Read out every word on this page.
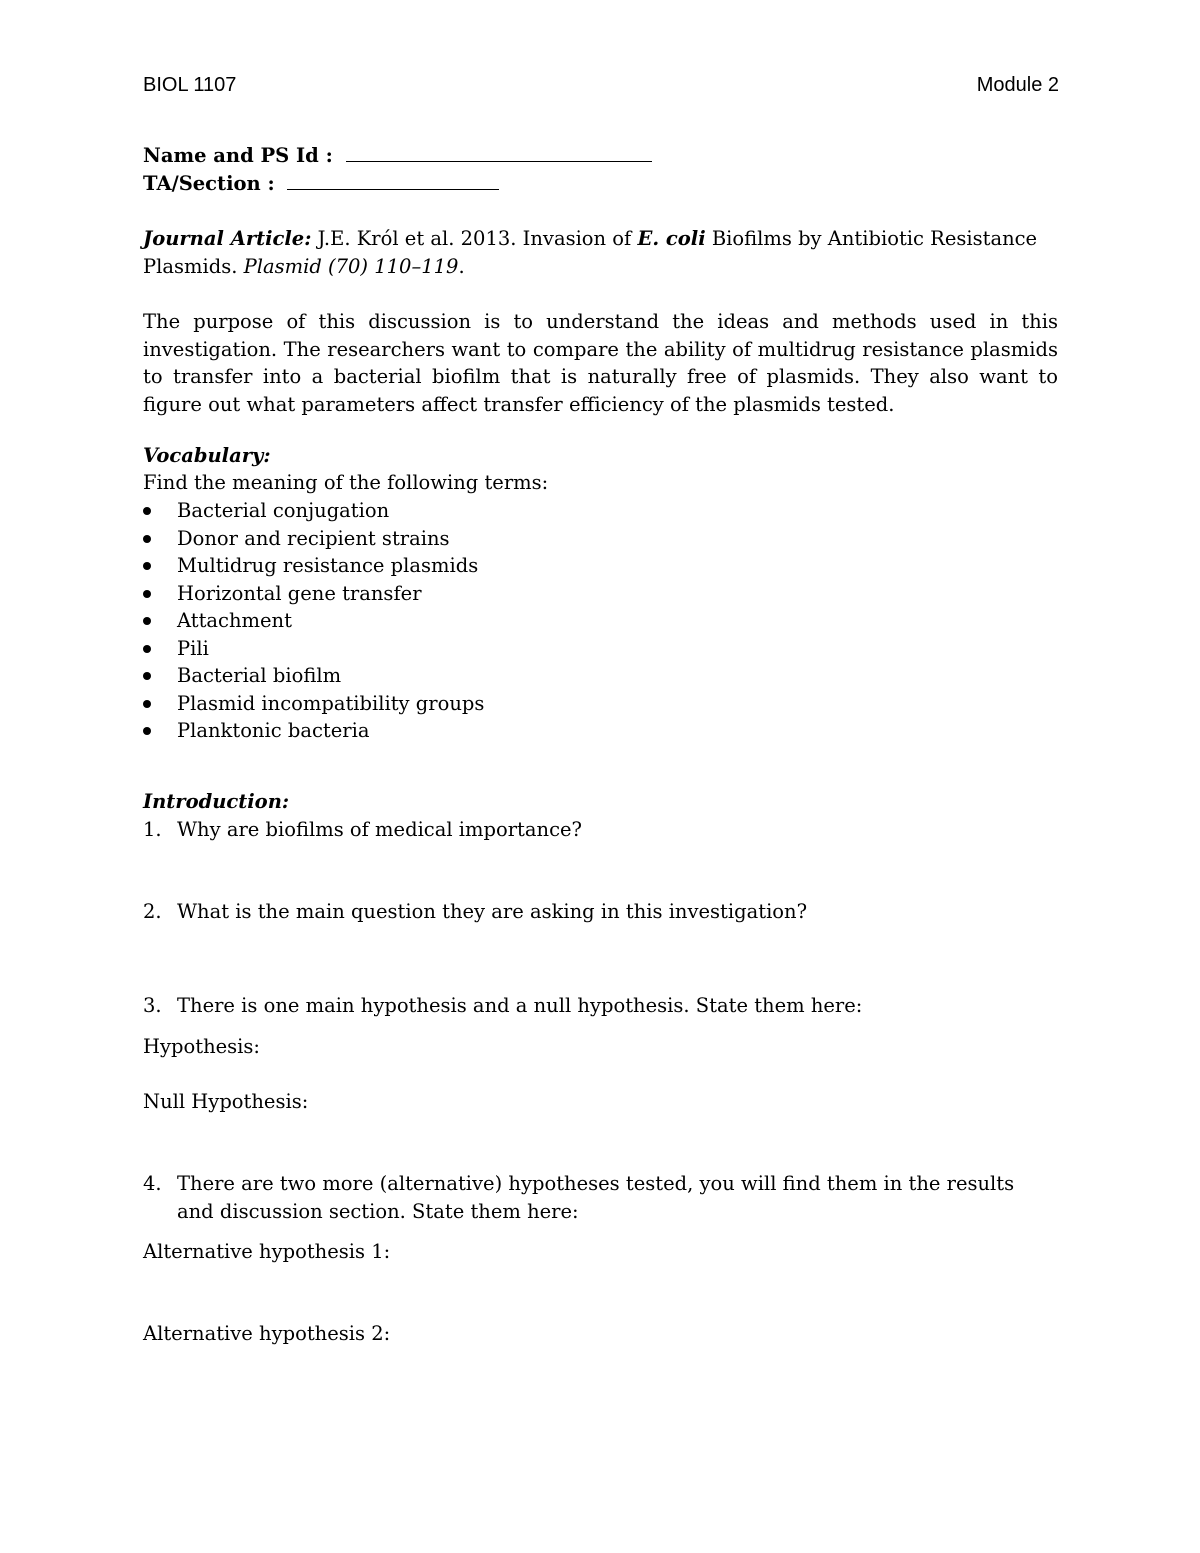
BIOL 1107	Module 2
Name and PS Id :
TA/Section :
Journal Article: J.E. Król et al. 2013. Invasion of E. coli Biofilms by Antibiotic Resistance
Plasmids. Plasmid (70) 110–119.
The purpose of this discussion is to understand the ideas and methods used in this investigation. The researchers want to compare the ability of multidrug resistance plasmids to transfer into a bacterial biofilm that is naturally free of plasmids. They also want to figure out what parameters affect transfer efficiency of the plasmids tested.
Vocabulary:
Find the meaning of the following terms:
Bacterial conjugation
Donor and recipient strains
Multidrug resistance plasmids
Horizontal gene transfer
Attachment
Pili
Bacterial biofilm
Plasmid incompatibility groups
Planktonic bacteria
Introduction:
1. Why are biofilms of medical importance?
2. What is the main question they are asking in this investigation?
3. There is one main hypothesis and a null hypothesis. State them here:
Hypothesis:
Null Hypothesis:
4. There are two more (alternative) hypotheses tested, you will find them in the results
and discussion section. State them here:
Alternative hypothesis 1:
Alternative hypothesis 2:
